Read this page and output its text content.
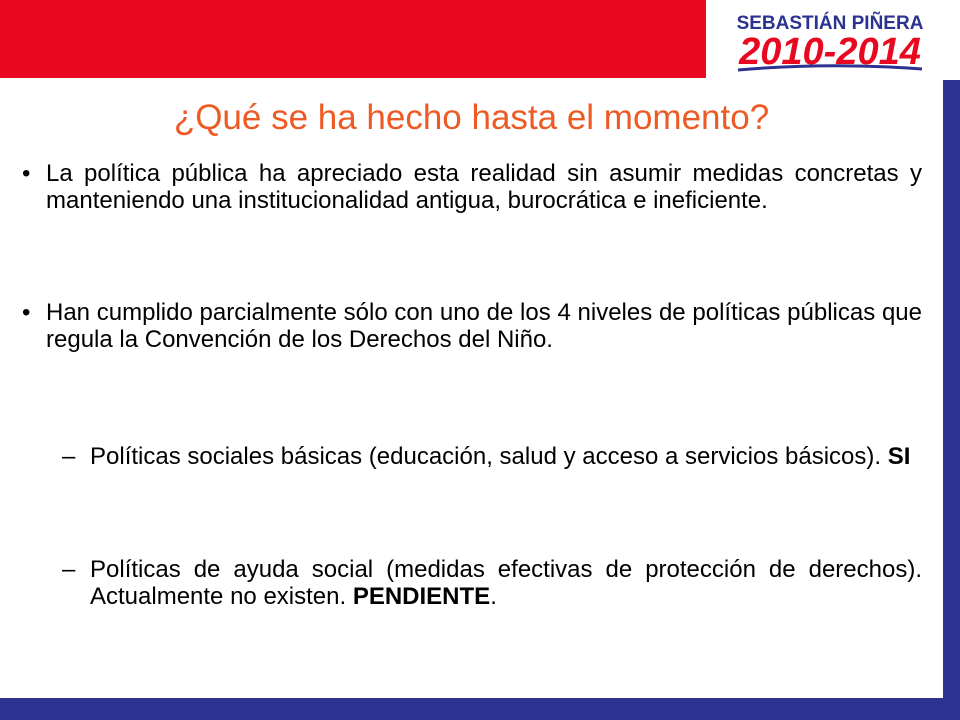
SEBASTIÁN PIÑERA
2010-2014
¿Qué se ha hecho hasta el momento?
• La política pública ha apreciado esta realidad sin asumir medidas concretas y manteniendo una institucionalidad antigua, burocrática e ineficiente.
• Han cumplido parcialmente sólo con uno de los 4 niveles de políticas públicas que regula la Convención de los Derechos del Niño.
– Políticas sociales básicas (educación, salud y acceso a servicios básicos). SI
– Políticas de ayuda social (medidas efectivas de protección de derechos). Actualmente no existen. PENDIENTE.
